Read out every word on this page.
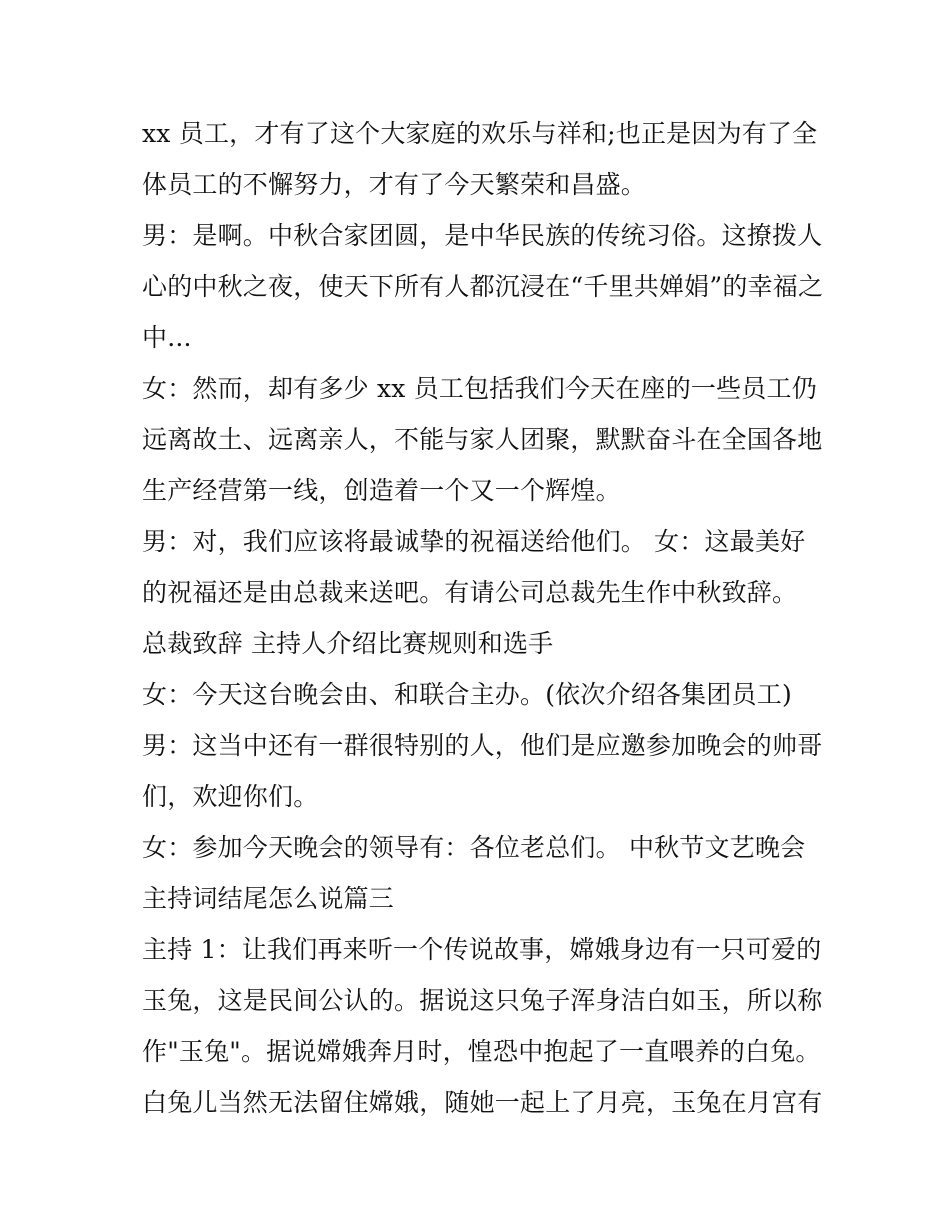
xx 员工，才有了这个大家庭的欢乐与祥和;也正是因为有了全
体员工的不懈努力，才有了今天繁荣和昌盛。
男：是啊。中秋合家团圆，是中华民族的传统习俗。这撩拨人
心的中秋之夜，使天下所有人都沉浸在“千里共婵娟”的幸福之
中...
女：然而，却有多少 xx 员工包括我们今天在座的一些员工仍
远离故土、远离亲人，不能与家人团聚，默默奋斗在全国各地
生产经营第一线，创造着一个又一个辉煌。
男：对，我们应该将最诚挚的祝福送给他们。 女：这最美好
的祝福还是由总裁来送吧。有请公司总裁先生作中秋致辞。
总裁致辞 主持人介绍比赛规则和选手
女：今天这台晚会由、和联合主办。(依次介绍各集团员工)
男：这当中还有一群很特别的人，他们是应邀参加晚会的帅哥
们，欢迎你们。
女：参加今天晚会的领导有：各位老总们。 中秋节文艺晚会
主持词结尾怎么说篇三
主持 1：让我们再来听一个传说故事，嫦娥身边有一只可爱的
玉兔，这是民间公认的。据说这只兔子浑身洁白如玉，所以称
作"玉兔"。据说嫦娥奔月时，惶恐中抱起了一直喂养的白兔。
白兔儿当然无法留住嫦娥，随她一起上了月亮，玉兔在月宫有
